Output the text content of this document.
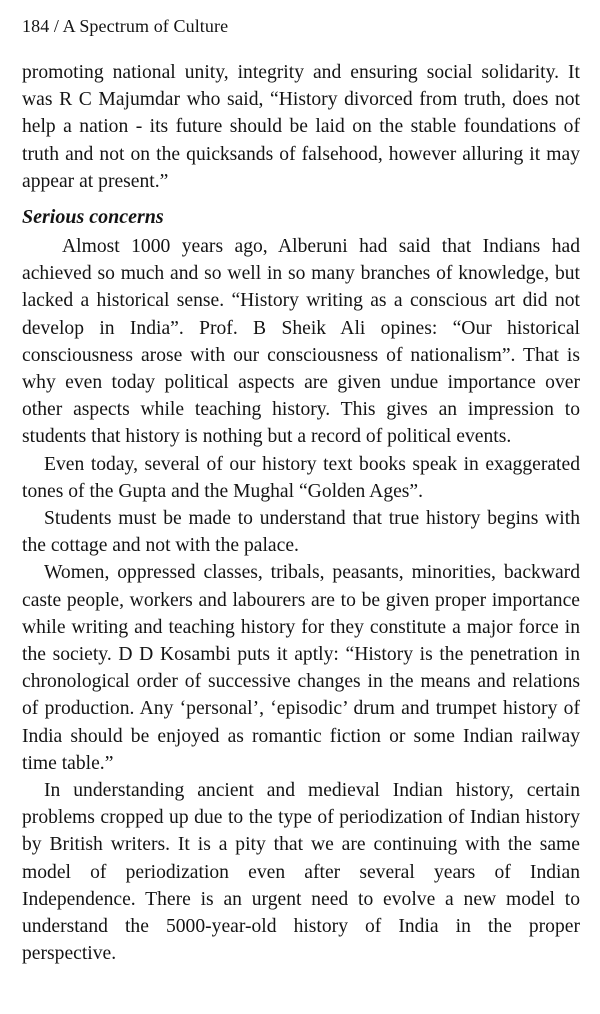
184 / A Spectrum of Culture

promoting national unity, integrity and ensuring social solidarity. It was R C Majumdar who said, “History divorced from truth, does not help a nation - its future should be laid on the stable foundations of truth and not on the quicksands of falsehood, however alluring it may appear at present.”

Serious concerns

Almost 1000 years ago, Alberuni had said that Indians had achieved so much and so well in so many branches of knowledge, but lacked a historical sense. “History writing as a conscious art did not develop in India”. Prof. B Sheik Ali opines: “Our historical consciousness arose with our consciousness of nationalism”. That is why even today political aspects are given undue importance over other aspects while teaching history. This gives an impression to students that history is nothing but a record of political events.

Even today, several of our history text books speak in exaggerated tones of the Gupta and the Mughal “Golden Ages”.

Students must be made to understand that true history begins with the cottage and not with the palace.

Women, oppressed classes, tribals, peasants, minorities, backward caste people, workers and labourers are to be given proper importance while writing and teaching history for they constitute a major force in the society. D D Kosambi puts it aptly: “History is the penetration in chronological order of successive changes in the means and relations of production. Any ‘personal’, ‘episodic’ drum and trumpet history of India should be enjoyed as romantic fiction or some Indian railway time table.”

In understanding ancient and medieval Indian history, certain problems cropped up due to the type of periodization of Indian history by British writers. It is a pity that we are continuing with the same model of periodization even after several years of Indian Independence. There is an urgent need to evolve a new model to understand the 5000-year-old history of India in the proper perspective.
